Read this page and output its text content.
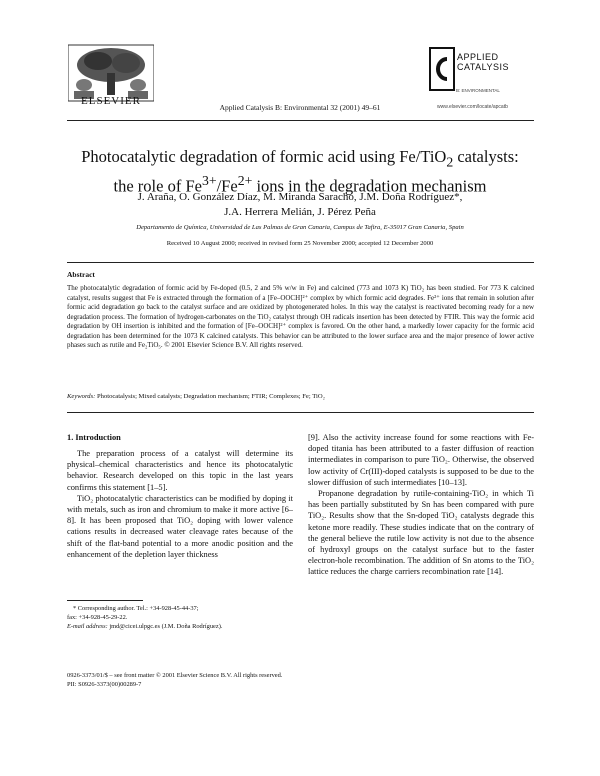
ELSEVIER
Applied Catalysis B: Environmental 32 (2001) 49–61
APPLIED
CATALYSIS
B: ENVIRONMENTAL
www.elsevier.com/locate/apcatb
Photocatalytic degradation of formic acid using Fe/TiO$_2$ catalysts:
the role of $Fe^{3+}/Fe^{2+}$ ions in the degradation mechanism
J. Araña, O. González Díaz, M. Miranda Saracho, J.M. Doña Rodríguez*,
J.A. Herrera Melián, J. Pérez Peña
Departamento de Química, Universidad de Las Palmas de Gran Canaria, Campus de Tafira, E-35017 Gran Canaria, Spain
Received 10 August 2000; received in revised form 25 November 2000; accepted 12 December 2000
Abstract
The photocatalytic degradation of formic acid by Fe-doped (0.5, 2 and 5% w/w in Fe) and calcined (773 and 1073 K) TiO₂ has been studied. For 773 K calcined catalyst, results suggest that Fe is extracted through the formation of a [Fe–OOCH]²⁺ complex by which formic acid degrades. Fe²⁺ ions that remain in solution after formic acid degradation go back to the catalyst surface and are oxidized by photogenerated holes. In this way the catalyst is reactivated becoming ready for a new degradation process. The formation of hydrogen-carbonates on the TiO₂ catalyst through OH radicals insertion has been detected by FTIR. This way the formic acid degradation by OH insertion is inhibited and the formation of [Fe–OOCH]²⁺ complex is favored. On the other hand, a markedly lower capacity for the formic acid degradation has been determined for the 1073 K calcined catalysts. This behavior can be attributed to the lower surface area and the major presence of lower active phases such as rutile and Fe₂TiO₅. © 2001 Elsevier Science B.V. All rights reserved.
Keywords: Photocatalysis; Mixed catalysts; Degradation mechanism; FTIR; Complexes; Fe; TiO₂
1. Introduction

The preparation process of a catalyst will determine its physical–chemical characteristics and hence its photocatalytic behavior. Research developed on this topic in the last years confirms this statement [1–5].

TiO₂ photocatalytic characteristics can be modified by doping it with metals, such as iron and chromium to make it more active [6–8]. It has been proposed that TiO₂ doping with lower valence cations results in decreased water cleavage rates because of the shift of the flat-band potential to a more anodic position and the enhancement of the depletion layer thickness

[9]. Also the activity increase found for some reactions with Fe-doped titania has been attributed to a faster diffusion of reaction intermediates in comparison to pure TiO₂. Otherwise, the observed low activity of Cr(III)-doped catalysts is supposed to be due to the slower diffusion of such intermediates [10–13].

Propanone degradation by rutile-containing-TiO₂ in which Ti has been partially substituted by Sn has been compared with pure TiO₂. Results show that the Sn-doped TiO₂ catalysts degrade this ketone more readily. These studies indicate that on the contrary of the general believe the rutile low activity is not due to the absence of hydroxyl groups on the catalyst surface but to the faster electron-hole recombination. The addition of Sn atoms to the TiO₂ lattice reduces the charge carriers recombination rate [14].

* Corresponding author. Tel.: +34-928-45-44-37;
fax: +34-928-45-29-22.
E-mail address: jmd@cicei.ulpgc.es (J.M. Doña Rodríguez).
0926-3373/01/$ – see front matter © 2001 Elsevier Science B.V. All rights reserved.
PII: S0926-3373(00)00289-7
